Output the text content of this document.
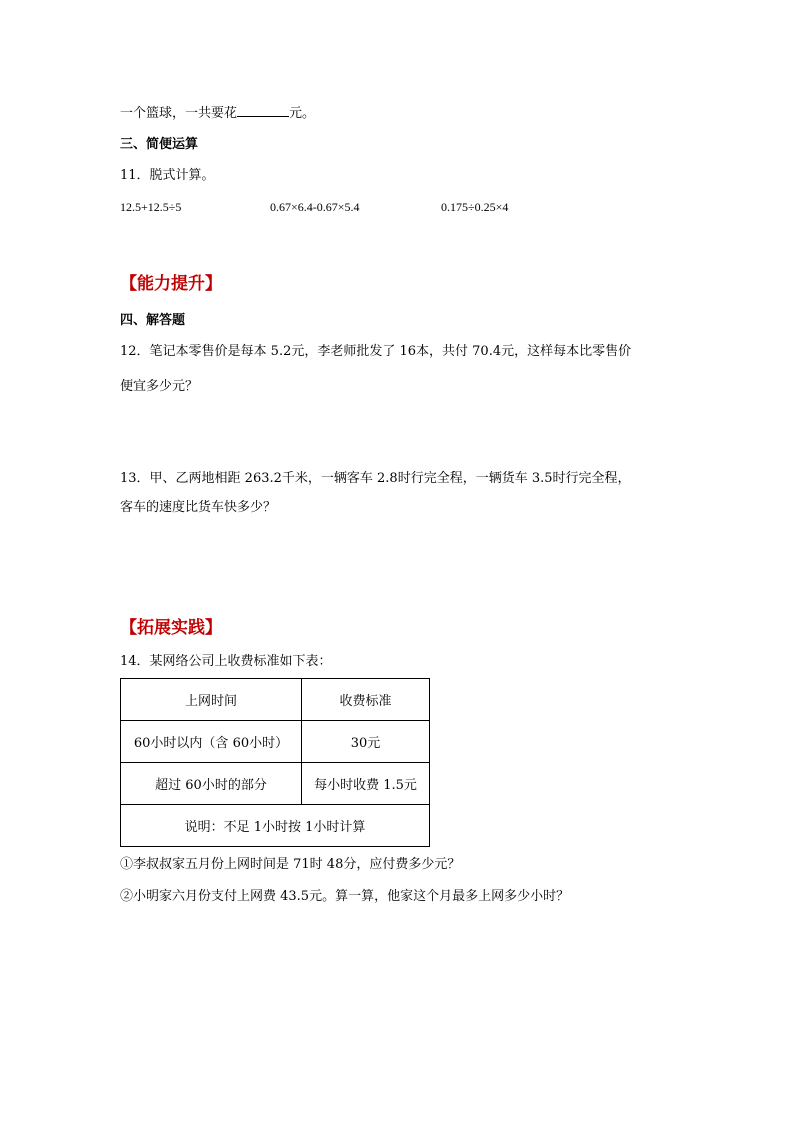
一个篮球，一共要花	元。
三、简便运算
11．脱式计算。
12.5+12.5÷5	0.67×6.4-0.67×5.4	0.175÷0.25×4
【能力提升】
四、解答题
12．笔记本零售价是每本 5.2元，李老师批发了 16本，共付 70.4元，这样每本比零售价
便宜多少元？
13．甲、乙两地相距 263.2千米，一辆客车 2.8时行完全程，一辆货车 3.5时行完全程，
客车的速度比货车快多少？
【拓展实践】
14．某网络公司上收费标准如下表：
上网时间	收费标准
60小时以内（含 60小时）	30元
超过 60小时的部分	每小时收费 1.5元
说明：不足 1小时按 1小时计算	
①李叔叔家五月份上网时间是 71时 48分，应付费多少元？
②小明家六月份支付上网费 43.5元。算一算，他家这个月最多上网多少小时？
